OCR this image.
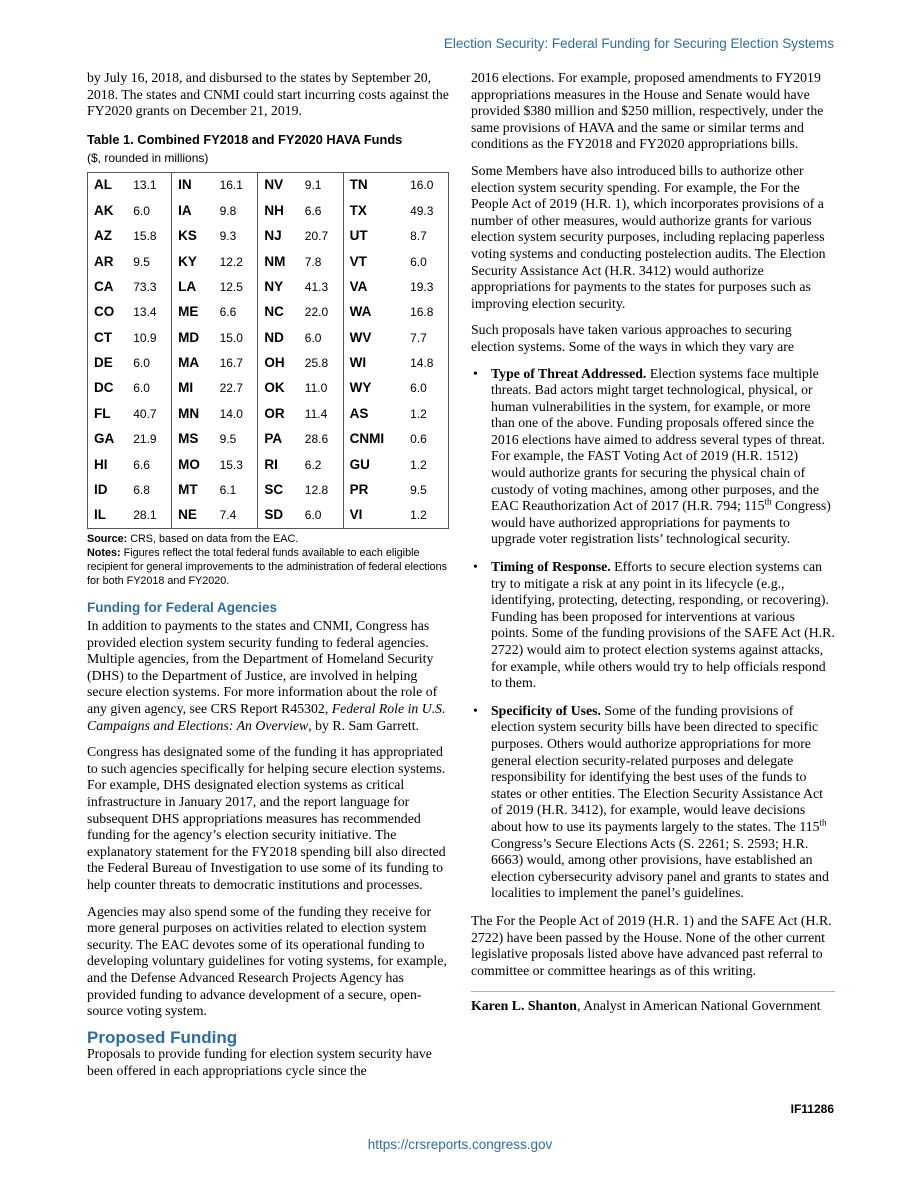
Election Security: Federal Funding for Securing Election Systems

by July 16, 2018, and disbursed to the states by September 20, 2018. The states and CNMI could start incurring costs against the FY2020 grants on December 21, 2019.

Table 1. Combined FY2018 and FY2020 HAVA Funds
($, rounded in millions)
AL	13.1	IN	16.1	NV	9.1	TN	16.0
AK	6.0	IA	9.8	NH	6.6	TX	49.3
AZ	15.8	KS	9.3	NJ	20.7	UT	8.7
AR	9.5	KY	12.2	NM	7.8	VT	6.0
CA	73.3	LA	12.5	NY	41.3	VA	19.3
CO	13.4	ME	6.6	NC	22.0	WA	16.8
CT	10.9	MD	15.0	ND	6.0	WV	7.7
DE	6.0	MA	16.7	OH	25.8	WI	14.8
DC	6.0	MI	22.7	OK	11.0	WY	6.0
FL	40.7	MN	14.0	OR	11.4	AS	1.2
GA	21.9	MS	9.5	PA	28.6	CNMI	0.6
HI	6.6	MO	15.3	RI	6.2	GU	1.2
ID	6.8	MT	6.1	SC	12.8	PR	9.5
IL	28.1	NE	7.4	SD	6.0	VI	1.2
Source: CRS, based on data from the EAC.
Notes: Figures reflect the total federal funds available to each eligible recipient for general improvements to the administration of federal elections for both FY2018 and FY2020.
Funding for Federal Agencies

In addition to payments to the states and CNMI, Congress has provided election system security funding to federal agencies. Multiple agencies, from the Department of Homeland Security (DHS) to the Department of Justice, are involved in helping secure election systems. For more information about the role of any given agency, see CRS Report R45302, Federal Role in U.S. Campaigns and Elections: An Overview, by R. Sam Garrett.

Congress has designated some of the funding it has appropriated to such agencies specifically for helping secure election systems. For example, DHS designated election systems as critical infrastructure in January 2017, and the report language for subsequent DHS appropriations measures has recommended funding for the agency’s election security initiative. The explanatory statement for the FY2018 spending bill also directed the Federal Bureau of Investigation to use some of its funding to help counter threats to democratic institutions and processes.

Agencies may also spend some of the funding they receive for more general purposes on activities related to election system security. The EAC devotes some of its operational funding to developing voluntary guidelines for voting systems, for example, and the Defense Advanced Research Projects Agency has provided funding to advance development of a secure, open-source voting system.

Proposed Funding

Proposals to provide funding for election system security have been offered in each appropriations cycle since the

2016 elections. For example, proposed amendments to FY2019 appropriations measures in the House and Senate would have provided $380 million and $250 million, respectively, under the same provisions of HAVA and the same or similar terms and conditions as the FY2018 and FY2020 appropriations bills.

Some Members have also introduced bills to authorize other election system security spending. For example, the For the People Act of 2019 (H.R. 1), which incorporates provisions of a number of other measures, would authorize grants for various election system security purposes, including replacing paperless voting systems and conducting postelection audits. The Election Security Assistance Act (H.R. 3412) would authorize appropriations for payments to the states for purposes such as improving election security.

Such proposals have taken various approaches to securing election systems. Some of the ways in which they vary are

• Type of Threat Addressed. Election systems face multiple threats. Bad actors might target technological, physical, or human vulnerabilities in the system, for example, or more than one of the above. Funding proposals offered since the 2016 elections have aimed to address several types of threat. For example, the FAST Voting Act of 2019 (H.R. 1512) would authorize grants for securing the physical chain of custody of voting machines, among other purposes, and the EAC Reauthorization Act of 2017 (H.R. 794; 115th Congress) would have authorized appropriations for payments to upgrade voter registration lists’ technological security.
• Timing of Response. Efforts to secure election systems can try to mitigate a risk at any point in its lifecycle (e.g., identifying, protecting, detecting, responding, or recovering). Funding has been proposed for interventions at various points. Some of the funding provisions of the SAFE Act (H.R. 2722) would aim to protect election systems against attacks, for example, while others would try to help officials respond to them.
• Specificity of Uses. Some of the funding provisions of election system security bills have been directed to specific purposes. Others would authorize appropriations for more general election security-related purposes and delegate responsibility for identifying the best uses of the funds to states or other entities. The Election Security Assistance Act of 2019 (H.R. 3412), for example, would leave decisions about how to use its payments largely to the states. The 115th Congress’s Secure Elections Acts (S. 2261; S. 2593; H.R. 6663) would, among other provisions, have established an election cybersecurity advisory panel and grants to states and localities to implement the panel’s guidelines.

The For the People Act of 2019 (H.R. 1) and the SAFE Act (H.R. 2722) have been passed by the House. None of the other current legislative proposals listed above have advanced past referral to committee or committee hearings as of this writing.

Karen L. Shanton, Analyst in American National Government

IF11286
https://crsreports.congress.gov
